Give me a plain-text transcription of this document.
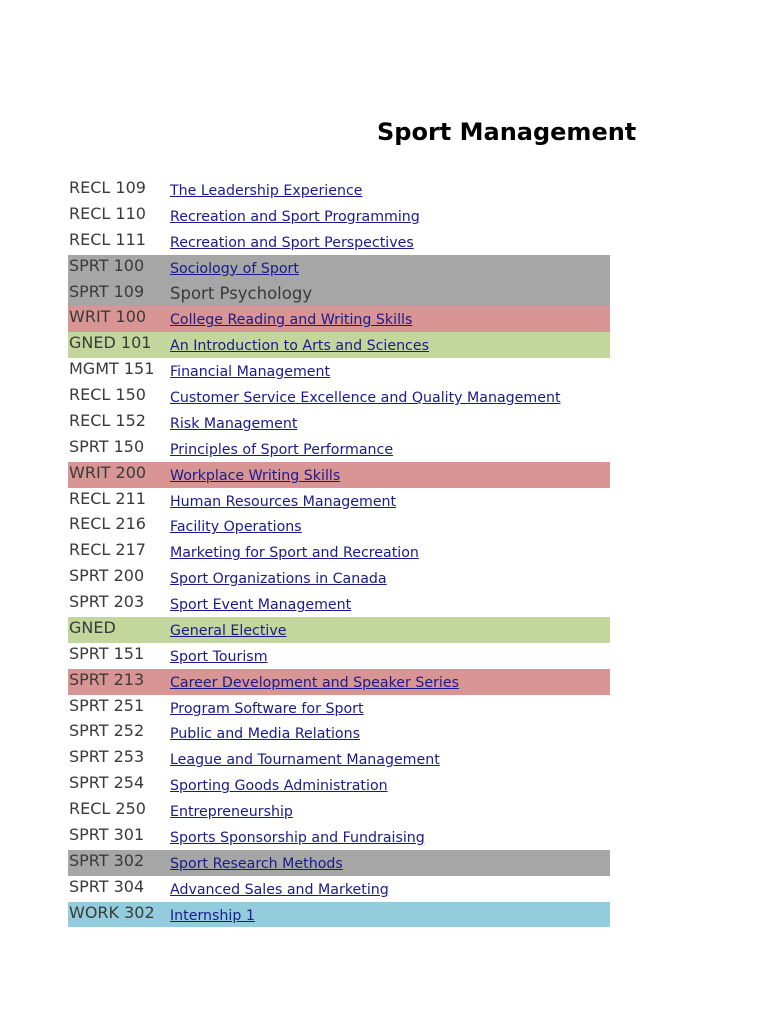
Sport Management
RECL 109 The Leadership Experience
RECL 110 Recreation and Sport Programming
RECL 111 Recreation and Sport Perspectives
SPRT 100 Sociology of Sport
SPRT 109 Sport Psychology
WRIT 100 College Reading and Writing Skills
GNED 101 An Introduction to Arts and Sciences
MGMT 151 Financial Management
RECL 150 Customer Service Excellence and Quality Management
RECL 152 Risk Management
SPRT 150 Principles of Sport Performance
WRIT 200 Workplace Writing Skills
RECL 211 Human Resources Management
RECL 216 Facility Operations
RECL 217 Marketing for Sport and Recreation
SPRT 200 Sport Organizations in Canada
SPRT 203 Sport Event Management
GNED	General Elective
SPRT 151 Sport Tourism
SPRT 213 Career Development and Speaker Series
SPRT 251 Program Software for Sport
SPRT 252 Public and Media Relations
SPRT 253 League and Tournament Management
SPRT 254 Sporting Goods Administration
RECL 250 Entrepreneurship
SPRT 301 Sports Sponsorship and Fundraising
SPRT 302 Sport Research Methods
SPRT 304 Advanced Sales and Marketing
WORK 302 Internship 1
